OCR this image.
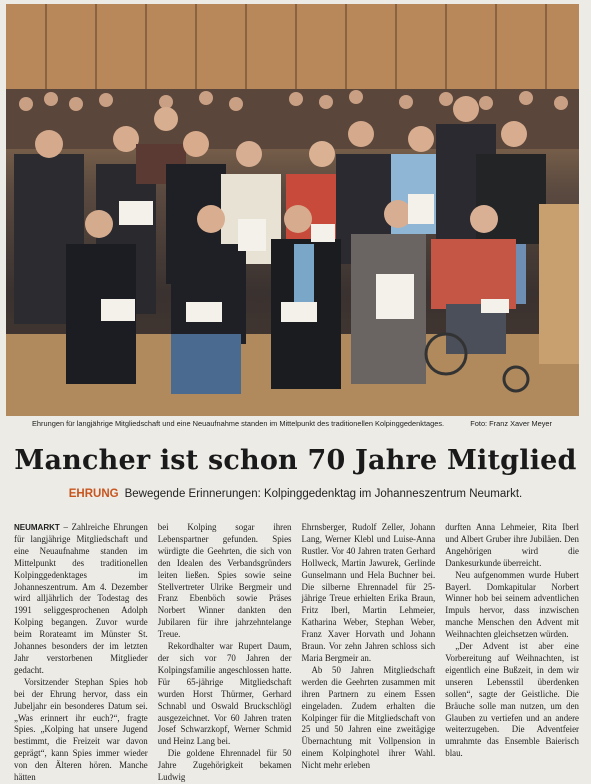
Ehrungen für langjährige Mitgliedschaft und eine Neuaufnahme standen im Mittelpunkt des traditionellen Kolpinggedenktages.	Foto: Franz Xaver Meyer
Mancher ist schon 70 Jahre Mitglied
EHRUNG Bewegende Erinnerungen: Kolpinggedenktag im Johanneszentrum Neumarkt.

NEUMARKT – Zahlreiche Ehrungen für langjährige Mitgliedschaft und eine Neuaufnahme standen im Mittelpunkt des traditionellen Kolpinggedenktages im Johanneszentrum. Am 4. Dezember wird alljährlich der Todestag des 1991 seliggesprochenen Adolph Kolping begangen. Zuvor wurde beim Rorateamt im Münster St. Johannes besonders der im letzten Jahr verstorbenen Mitglieder gedacht.

Vorsitzender Stephan Spies hob bei der Ehrung hervor, dass ein Jubeljahr ein besonderes Datum sei. „Was erinnert ihr euch?“, fragte Spies. „Kolping hat unsere Jugend bestimmt, die Freizeit war davon geprägt“, kann Spies immer wieder von den Älteren hören. Manche hätten

bei Kolping sogar ihren Lebenspartner gefunden. Spies würdigte die Geehrten, die sich von den Idealen des Verbandsgründers leiten ließen. Spies sowie seine Stellvertreter Ulrike Bergmeir und Franz Ebenböch sowie Präses Norbert Winner dankten den Jubilaren für ihre jahrzehntelange Treue.

Rekordhalter war Rupert Daum, der sich vor 70 Jahren der Kolpingsfamilie angeschlossen hatte. Für 65-jährige Mitgliedschaft wurden Horst Thürmer, Gerhard Schnabl und Oswald Bruckschlögl ausgezeichnet. Vor 60 Jahren traten Josef Schwarzkopf, Werner Schmid und Heinz Lang bei.

Die goldene Ehrennadel für 50 Jahre Zugehörigkeit bekamen Ludwig

Ehrnsberger, Rudolf Zeller, Johann Lang, Werner Klebl und Luise-Anna Rustler. Vor 40 Jahren traten Gerhard Hollweck, Martin Jawurek, Gerlinde Gunselmann und Hela Buchner bei. Die silberne Ehrennadel für 25-jährige Treue erhielten Erika Braun, Fritz Iberl, Martin Lehmeier, Katharina Weber, Stephan Weber, Franz Xaver Horvath und Johann Braun. Vor zehn Jahren schloss sich Maria Bergmeir an.

Ab 50 Jahren Mitgliedschaft werden die Geehrten zusammen mit ihren Partnern zu einem Essen eingeladen. Zudem erhalten die Kolpinger für die Mitgliedschaft von 25 und 50 Jahren eine zweitägige Übernachtung mit Vollpension in einem Kolpinghotel ihrer Wahl. Nicht mehr erleben

durften Anna Lehmeier, Rita Iberl und Albert Gruber ihre Jubiläen. Den Angehörigen wird die Dankesurkunde überreicht.

Neu aufgenommen wurde Hubert Bayerl. Domkapitular Norbert Winner hob bei seinem adventlichen Impuls hervor, dass inzwischen manche Menschen den Advent mit Weihnachten gleichsetzen würden.

„Der Advent ist aber eine Vorbereitung auf Weihnachten, ist eigentlich eine Bußzeit, in dem wir unseren Lebensstil überdenken sollen“, sagte der Geistliche. Die Bräuche solle man nutzen, um den Glauben zu vertiefen und an andere weiterzugeben. Die Adventfeier umrahmte das Ensemble Baierisch blau.
